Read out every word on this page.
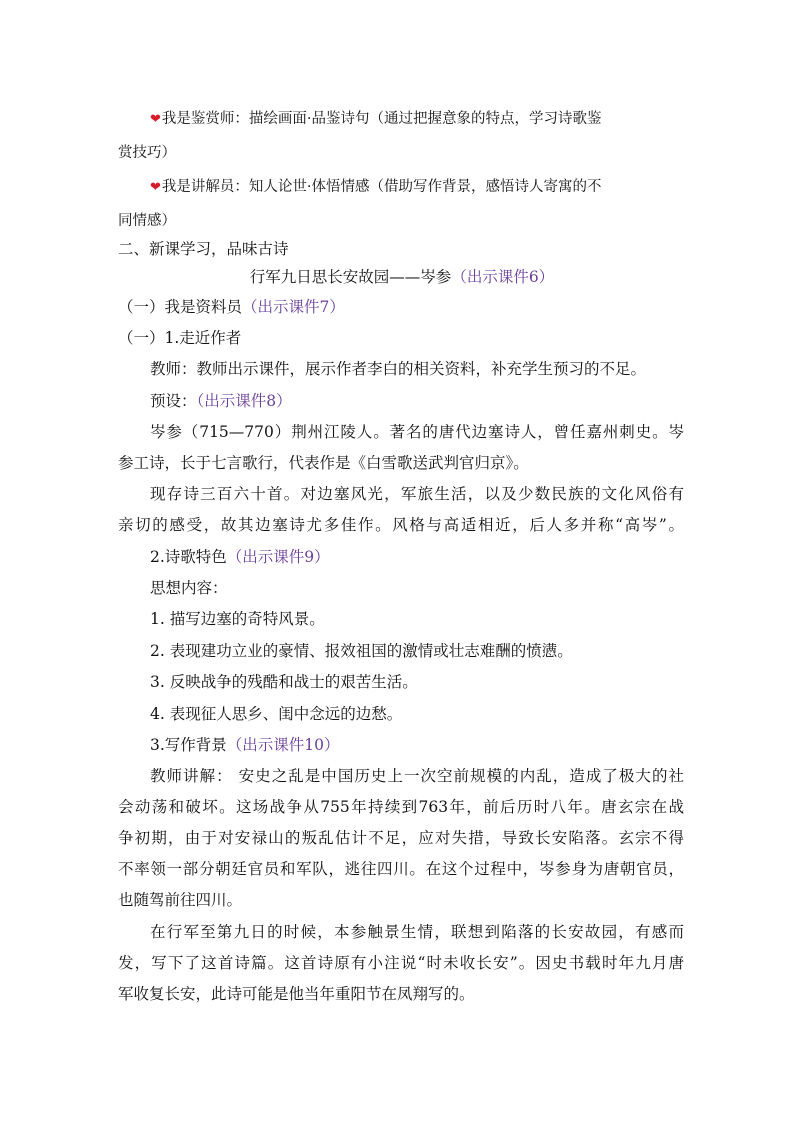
❤我是鉴赏师：描绘画面·品鉴诗句（通过把握意象的特点，学习诗歌鉴
赏技巧）
❤我是讲解员：知人论世·体悟情感（借助写作背景，感悟诗人寄寓的不
同情感）
二、新课学习，品味古诗
行军九日思长安故园——岑参（出示课件6）
（一）我是资料员（出示课件7）
（一）1.走近作者
教师：教师出示课件，展示作者李白的相关资料，补充学生预习的不足。
预设：（出示课件8）
岑参（715—770）荆州江陵人。著名的唐代边塞诗人，曾任嘉州刺史。岑
参工诗，长于七言歌行，代表作是《白雪歌送武判官归京》。
现存诗三百六十首。对边塞风光，军旅生活，以及少数民族的文化风俗有
亲切的感受，故其边塞诗尤多佳作。风格与高适相近，后人多并称“高岑”。
2.诗歌特色（出示课件9）
思想内容：
1. 描写边塞的奇特风景。
2. 表现建功立业的豪情、报效祖国的激情或壮志难酬的愤懑。
3. 反映战争的残酷和战士的艰苦生活。
4. 表现征人思乡、闺中念远的边愁。
3.写作背景（出示课件10）
教师讲解： 安史之乱是中国历史上一次空前规模的内乱，造成了极大的社
会动荡和破坏。这场战争从755年持续到763年，前后历时八年。唐玄宗在战
争初期，由于对安禄山的叛乱估计不足，应对失措，导致长安陷落。玄宗不得
不率领一部分朝廷官员和军队，逃往四川。在这个过程中，岑参身为唐朝官员，
也随驾前往四川。
在行军至第九日的时候，本参触景生情，联想到陷落的长安故园，有感而
发，写下了这首诗篇。这首诗原有小注说“时未收长安”。因史书载时年九月唐
军收复长安，此诗可能是他当年重阳节在凤翔写的。
